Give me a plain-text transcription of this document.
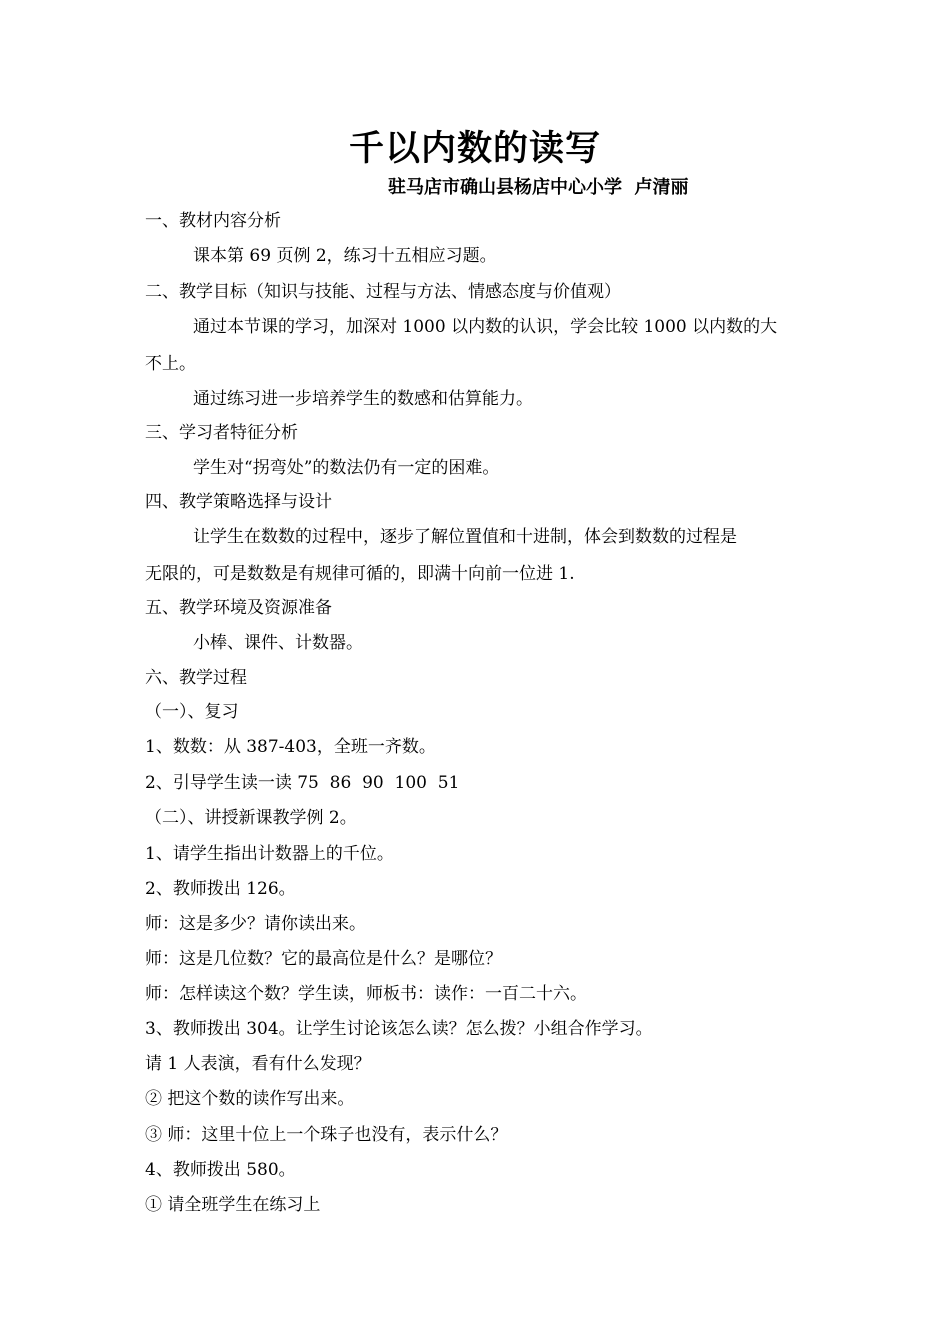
千以内数的读写
驻马店市确山县杨店中心小学  卢清丽
一、教材内容分析
课本第 69 页例 2，练习十五相应习题。
二、教学目标（知识与技能、过程与方法、情感态度与价值观）
通过本节课的学习，加深对 1000 以内数的认识，学会比较 1000 以内数的大
不上。
通过练习进一步培养学生的数感和估算能力。
三、学习者特征分析
学生对“拐弯处”的数法仍有一定的困难。
四、教学策略选择与设计
让学生在数数的过程中，逐步了解位置值和十进制，体会到数数的过程是
无限的，可是数数是有规律可循的，即满十向前一位进 1.
五、教学环境及资源准备
小棒、课件、计数器。
六、教学过程
（一）、复习
1、数数：从 387-403，全班一齐数。
2、引导学生读一读 75  86  90  100  51
（二）、讲授新课教学例 2。
1、请学生指出计数器上的千位。
2、教师拨出 126。
师：这是多少？请你读出来。
师：这是几位数？它的最高位是什么？是哪位？
师：怎样读这个数？学生读，师板书：读作：一百二十六。
3、教师拨出 304。让学生讨论该怎么读？怎么拨？小组合作学习。
请 1 人表演，看有什么发现？
② 把这个数的读作写出来。
③ 师：这里十位上一个珠子也没有，表示什么？
4、教师拨出 580。
① 请全班学生在练习上
